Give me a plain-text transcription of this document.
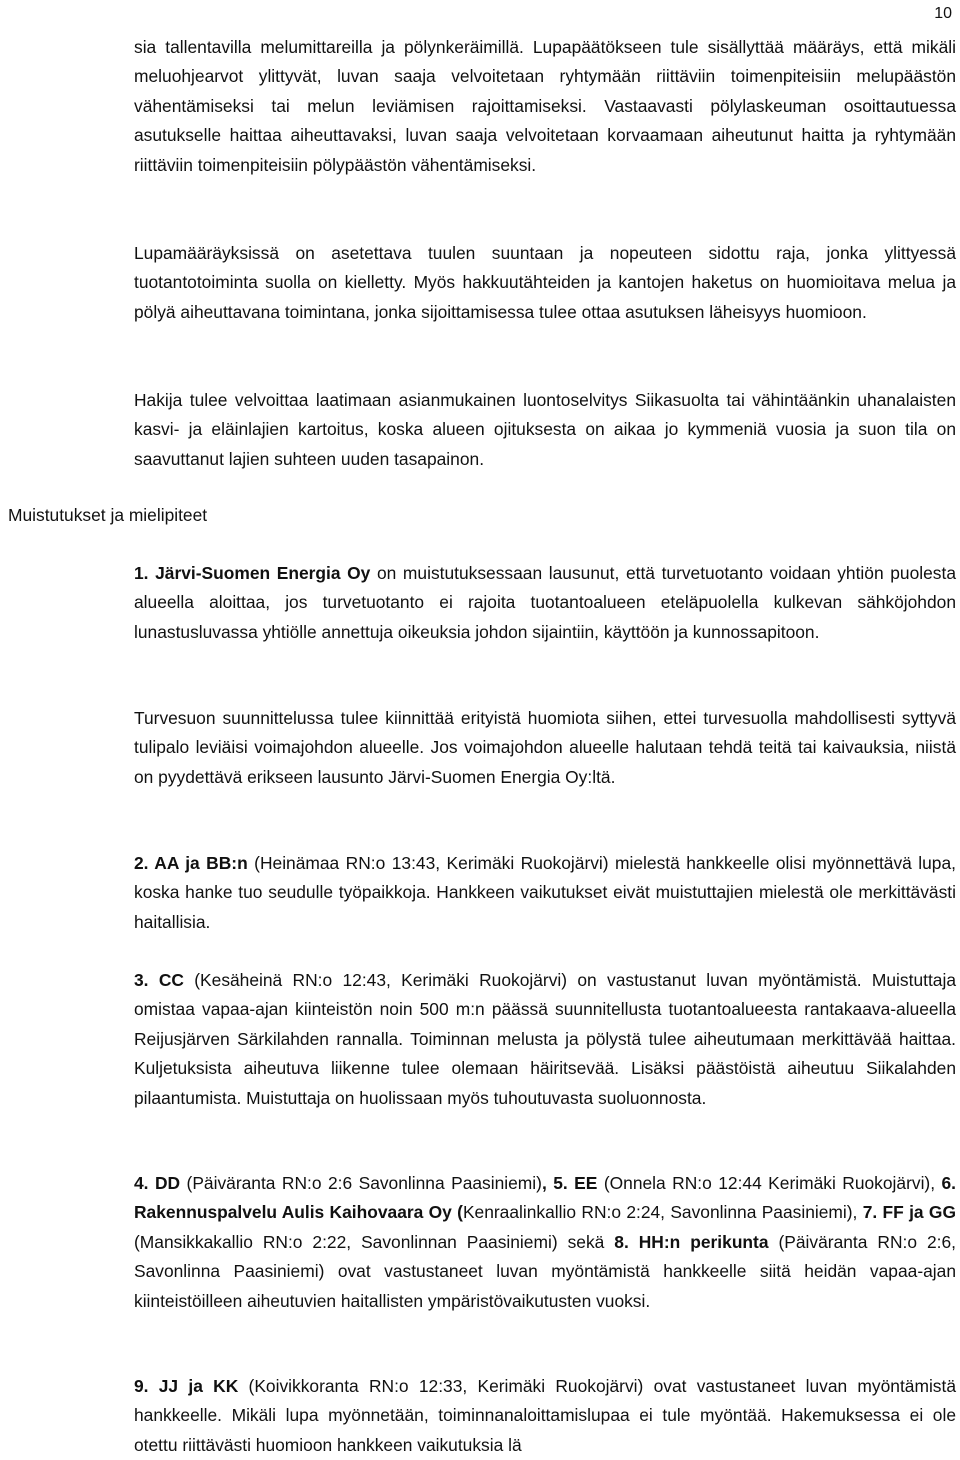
10
Muistutukset ja mielipiteet

sia tallentavilla melumittareilla ja pölynkeräimillä. Lupapäätökseen tule sisällyttää määräys, että mikäli meluohjearvot ylittyvät, luvan saaja velvoitetaan ryhtymään riittäviin toimenpiteisiin melupäästön vähentämiseksi tai melun leviämisen rajoittamiseksi. Vastaavasti pölylaskeuman osoittautuessa asutukselle haittaa aiheuttavaksi, luvan saaja velvoitetaan korvaamaan aiheutunut haitta ja ryhtymään riittäviin toimenpiteisiin pölypäästön vähentämiseksi.

Lupamääräyksissä on asetettava tuulen suuntaan ja nopeuteen sidottu raja, jonka ylittyessä tuotantotoiminta suolla on kielletty. Myös hakkuutähteiden ja kantojen haketus on huomioitava melua ja pölyä aiheuttavana toimintana, jonka sijoittamisessa tulee ottaa asutuksen läheisyys huomioon.

Hakija tulee velvoittaa laatimaan asianmukainen luontoselvitys Siikasuolta tai vähintäänkin uhanalaisten kasvi- ja eläinlajien kartoitus, koska alueen ojituksesta on aikaa jo kymmeniä vuosia ja suon tila on saavuttanut lajien suhteen uuden tasapainon.

1. Järvi-Suomen Energia Oy on muistutuksessaan lausunut, että turvetuotanto voidaan yhtiön puolesta alueella aloittaa, jos turvetuotanto ei rajoita tuotantoalueen eteläpuolella kulkevan sähköjohdon lunastusluvassa yhtiölle annettuja oikeuksia johdon sijaintiin, käyttöön ja kunnossapitoon.

Turvesuon suunnittelussa tulee kiinnittää erityistä huomiota siihen, ettei turvesuolla mahdollisesti syttyvä tulipalo leviäisi voimajohdon alueelle. Jos voimajohdon alueelle halutaan tehdä teitä tai kaivauksia, niistä on pyydettävä erikseen lausunto Järvi-Suomen Energia Oy:ltä.

2. AA ja BB:n (Heinämaa RN:o 13:43, Kerimäki Ruokojärvi) mielestä hankkeelle olisi myönnettävä lupa, koska hanke tuo seudulle työpaikkoja. Hankkeen vaikutukset eivät muistuttajien mielestä ole merkittävästi haitallisia.

3. CC (Kesäheinä RN:o 12:43, Kerimäki Ruokojärvi) on vastustanut luvan myöntämistä. Muistuttaja omistaa vapaa-ajan kiinteistön noin 500 m:n päässä suunnitellusta tuotantoalueesta rantakaava-alueella Reijusjärven Särkilahden rannalla. Toiminnan melusta ja pölystä tulee aiheutumaan merkittävää haittaa. Kuljetuksista aiheutuva liikenne tulee olemaan häiritsevää. Lisäksi päästöistä aiheutuu Siikalahden pilaantumista. Muistuttaja on huolissaan myös tuhoutuvasta suoluonnosta.

4. DD (Päiväranta RN:o 2:6 Savonlinna Paasiniemi), 5. EE (Onnela RN:o 12:44 Kerimäki Ruokojärvi), 6. Rakennuspalvelu Aulis Kaihovaara Oy (Kenraalinkallio RN:o 2:24, Savonlinna Paasiniemi), 7. FF ja GG (Mansikkakallio RN:o 2:22, Savonlinnan Paasiniemi) sekä 8. HH:n perikunta (Päiväranta RN:o 2:6, Savonlinna Paasiniemi) ovat vastustaneet luvan myöntämistä hankkeelle siitä heidän vapaa-ajan kiinteistöilleen aiheutuvien haitallisten ympäristövaikutusten vuoksi.

9. JJ ja KK (Koivikkoranta RN:o 12:33, Kerimäki Ruokojärvi) ovat vastustaneet luvan myöntämistä hankkeelle. Mikäli lupa myönnetään, toiminnanaloittamislupaa ei tule myöntää. Hakemuksessa ei ole otettu riittävästi huomioon hankkeen vaikutuksia lä
